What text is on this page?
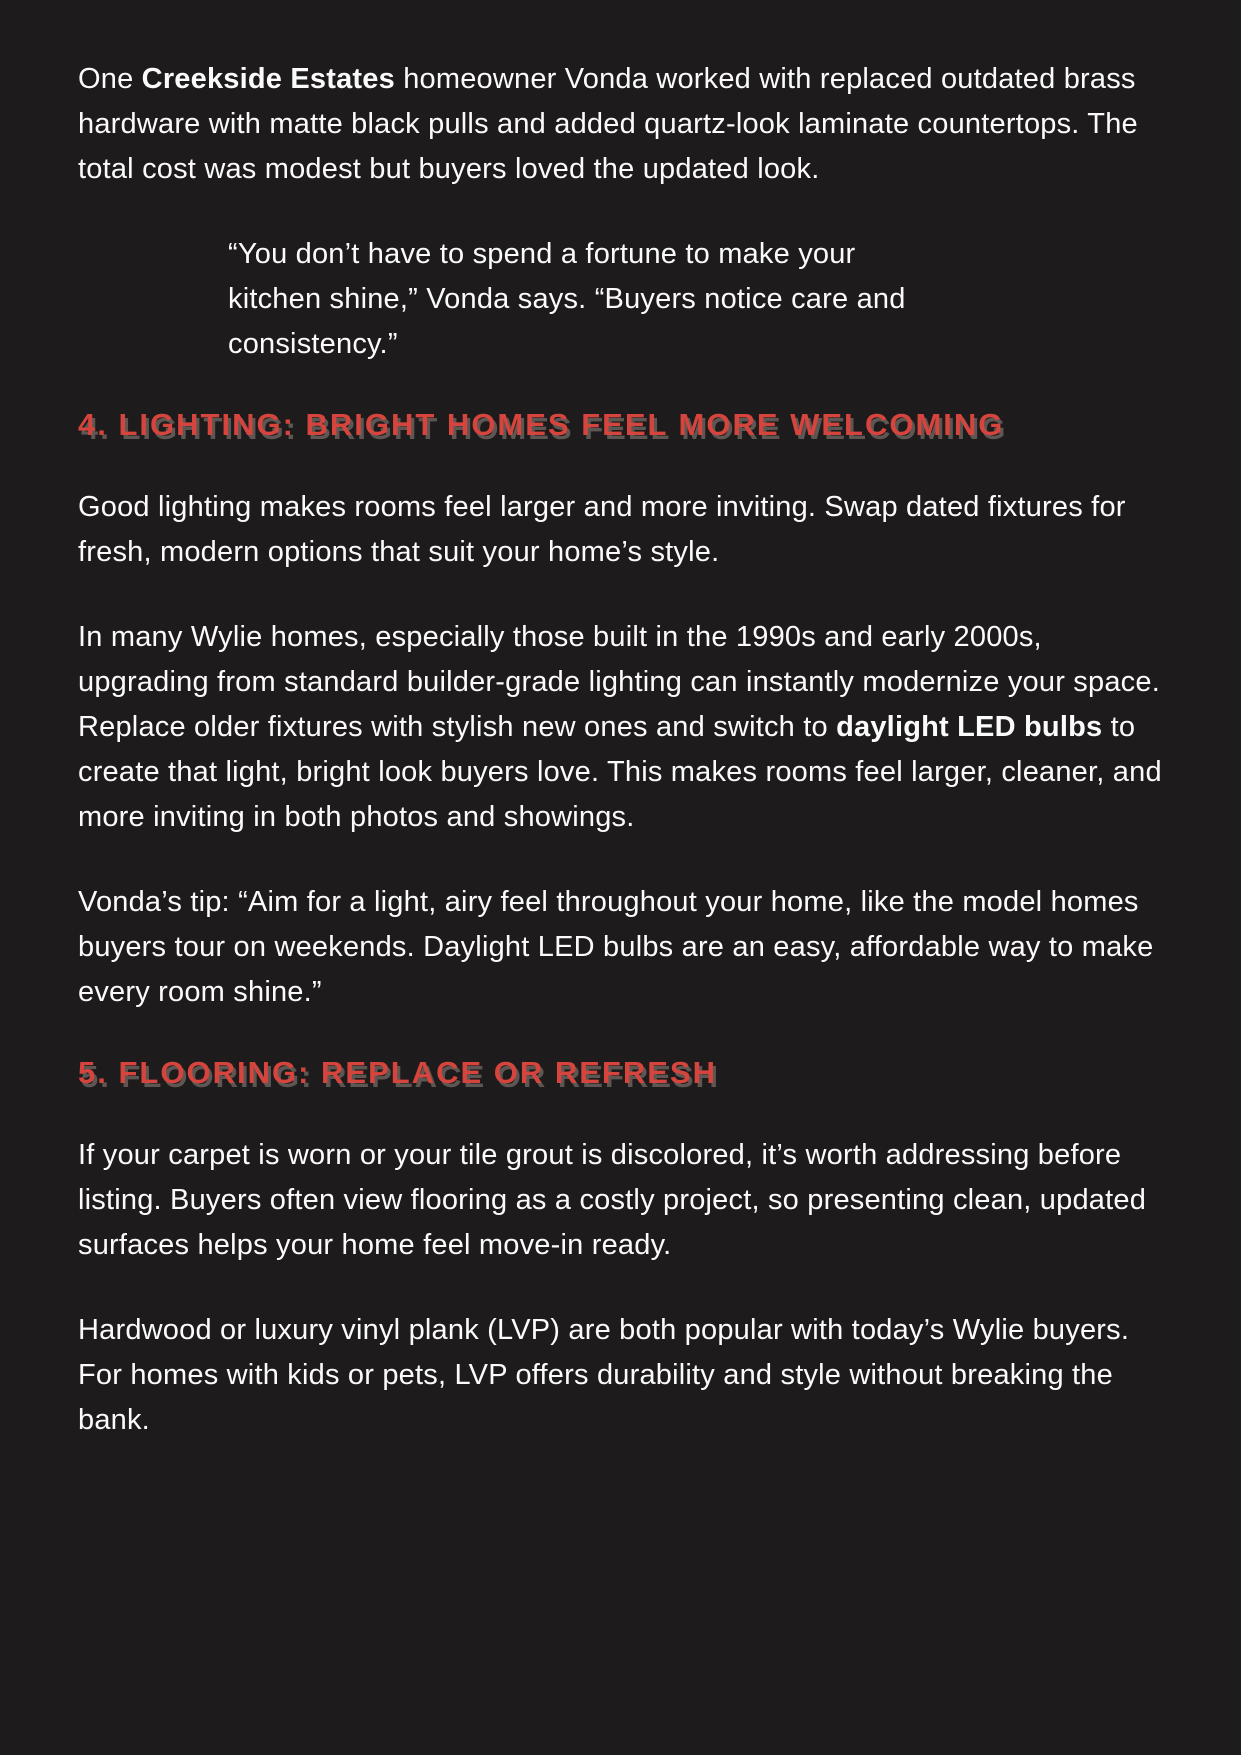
One Creekside Estates homeowner Vonda worked with replaced outdated brass hardware with matte black pulls and added quartz-look laminate countertops. The total cost was modest but buyers loved the updated look.

“You don’t have to spend a fortune to make your kitchen shine,” Vonda says. “Buyers notice care and consistency.”
4. LIGHTING: BRIGHT HOMES FEEL MORE WELCOMING

Good lighting makes rooms feel larger and more inviting. Swap dated fixtures for fresh, modern options that suit your home’s style.

In many Wylie homes, especially those built in the 1990s and early 2000s, upgrading from standard builder-grade lighting can instantly modernize your space. Replace older fixtures with stylish new ones and switch to daylight LED bulbs to create that light, bright look buyers love. This makes rooms feel larger, cleaner, and more inviting in both photos and showings.

Vonda’s tip: “Aim for a light, airy feel throughout your home, like the model homes buyers tour on weekends. Daylight LED bulbs are an easy, affordable way to make every room shine.”

5. FLOORING: REPLACE OR REFRESH

If your carpet is worn or your tile grout is discolored, it’s worth addressing before listing. Buyers often view flooring as a costly project, so presenting clean, updated surfaces helps your home feel move-in ready.

Hardwood or luxury vinyl plank (LVP) are both popular with today’s Wylie buyers. For homes with kids or pets, LVP offers durability and style without breaking the bank.
